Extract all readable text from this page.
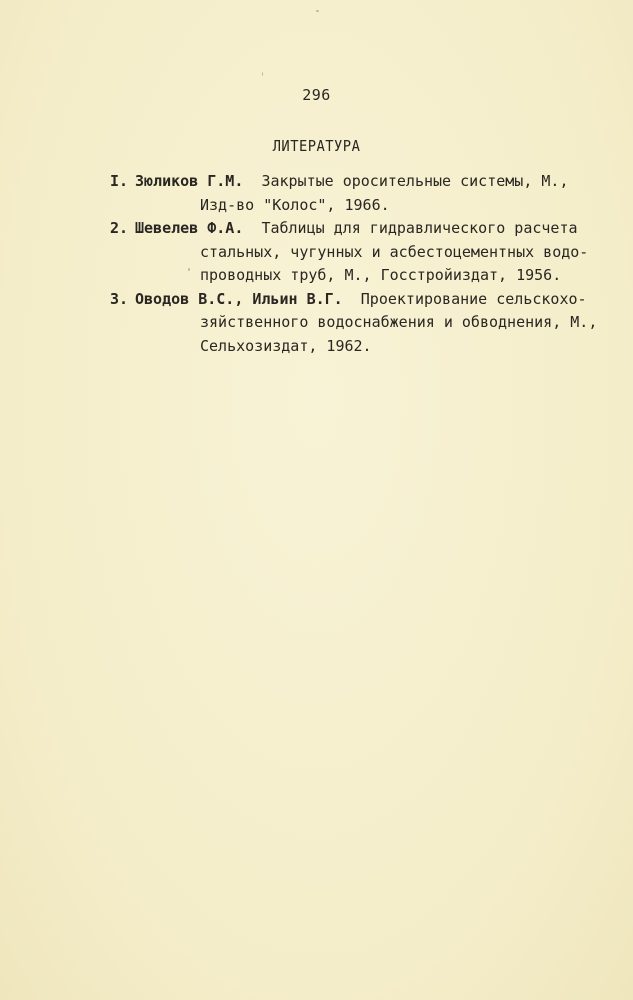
296
ЛИТЕРАТУРА
I. Зюликов Г.М. Закрытые оросительные системы, М.,
Изд-во "Колос", 1966.
2. Шевелев Ф.А. Таблицы для гидравлического расчета
стальных, чугунных и асбестоцементных водо-
проводных труб, М., Госстройиздат, 1956.
3. Оводов В.С., Ильин В.Г. Проектирование сельскохо-
зяйственного водоснабжения и обводнения, М.,
Сельхозиздат, 1962.
